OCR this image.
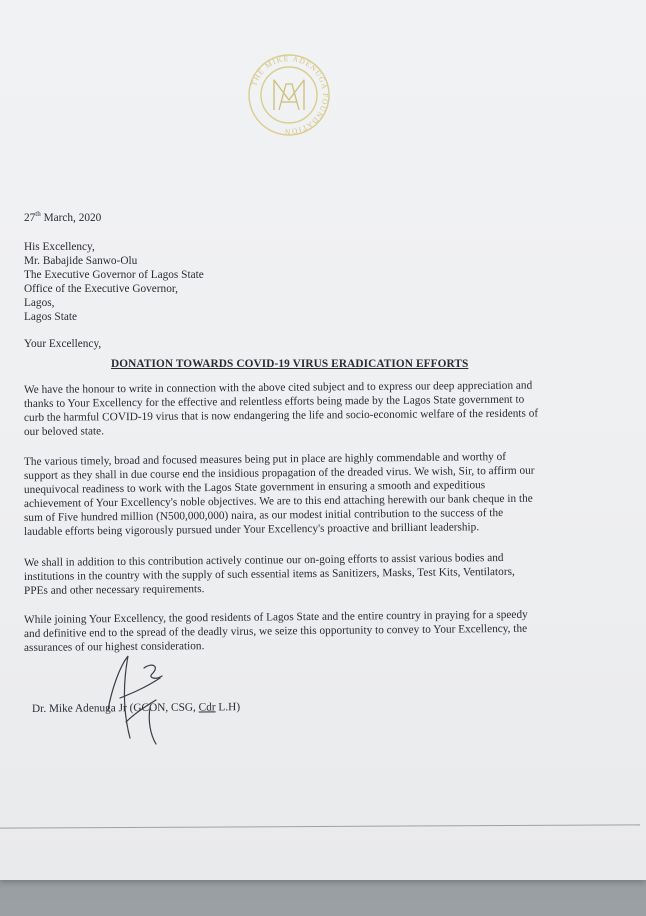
THE MIKE ADENUGA FOUNDATION
27th March, 2020
His Excellency,
Mr. Babajide Sanwo-Olu
The Executive Governor of Lagos State
Office of the Executive Governor,
Lagos,
Lagos State
Your Excellency,
DONATION TOWARDS COVID-19 VIRUS ERADICATION EFFORTS
We have the honour to write in connection with the above cited subject and to express our deep appreciation and
thanks to Your Excellency for the effective and relentless efforts being made by the Lagos State government to
curb the harmful COVID-19 virus that is now endangering the life and socio-economic welfare of the residents of
our beloved state.
The various timely, broad and focused measures being put in place are highly commendable and worthy of
support as they shall in due course end the insidious propagation of the dreaded virus. We wish, Sir, to affirm our
unequivocal readiness to work with the Lagos State government in ensuring a smooth and expeditious
achievement of Your Excellency's noble objectives. We are to this end attaching herewith our bank cheque in the
sum of Five hundred million (N500,000,000) naira, as our modest initial contribution to the success of the
laudable efforts being vigorously pursued under Your Excellency's proactive and brilliant leadership.
We shall in addition to this contribution actively continue our on-going efforts to assist various bodies and
institutions in the country with the supply of such essential items as Sanitizers, Masks, Test Kits, Ventilators,
PPEs and other necessary requirements.
While joining Your Excellency, the good residents of Lagos State and the entire country in praying for a speedy
and definitive end to the spread of the deadly virus, we seize this opportunity to convey to Your Excellency, the
assurances of our highest consideration.
Dr. Mike Adenuga Jr (GCON, CSG, Cdr L.H)
